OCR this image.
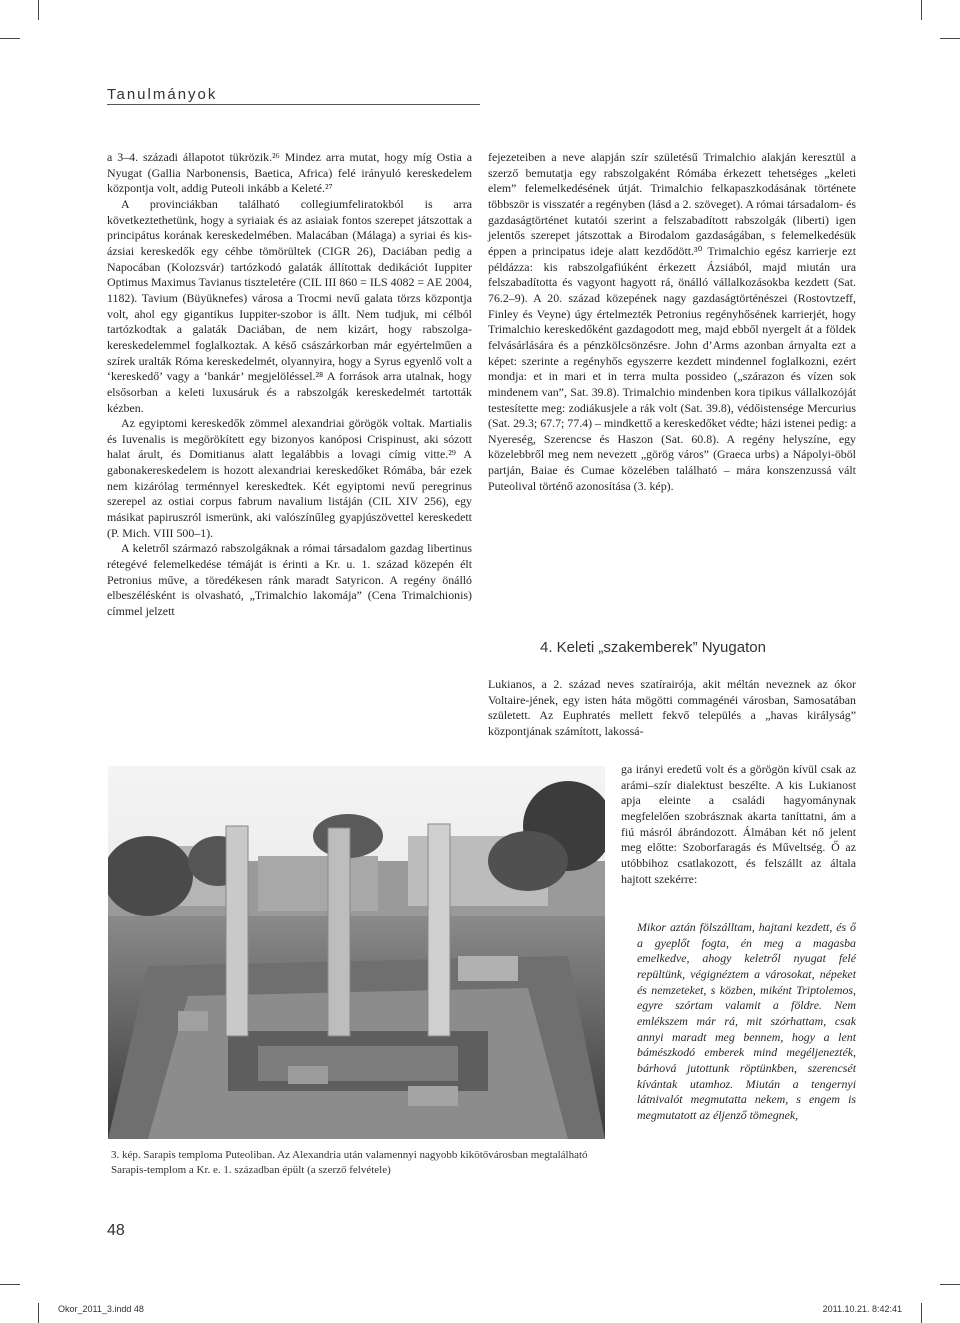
Tanulmányok

a 3–4. századi állapotot tükrözik.²⁶ Mindez arra mutat, hogy míg Ostia a Nyugat (Gallia Narbonensis, Baetica, Africa) felé irányuló kereskedelem központja volt, addig Puteoli inkább a Keleté.²⁷

A provinciákban található collegiumfeliratokból is arra következtethetünk, hogy a syriaiak és az asiaiak fontos szerepet játszottak a principátus korának kereskedelmében. Malacában (Málaga) a syriai és kis-ázsiai kereskedők egy céhbe tömörültek (CIGR 26), Daciában pedig a Napocában (Kolozsvár) tartózkodó galaták állítottak dedikációt Iuppiter Optimus Maximus Tavianus tiszteletére (CIL III 860 = ILS 4082 = AE 2004, 1182). Tavium (Büyüknefes) városa a Trocmi nevű galata törzs központja volt, ahol egy gigantikus Iuppiter-szobor is állt. Nem tudjuk, mi célból tartózkodtak a galaták Daciában, de nem kizárt, hogy rabszolga-kereskedelemmel foglalkoztak. A késő császárkorban már egyértelműen a szírek uralták Róma kereskedelmét, olyannyira, hogy a Syrus egyenlő volt a ‘kereskedő’ vagy a ‘bankár’ megjelöléssel.²⁸ A források arra utalnak, hogy elsősorban a keleti luxusáruk és a rabszolgák kereskedelmét tartották kézben.

Az egyiptomi kereskedők zömmel alexandriai görögök voltak. Martialis és Iuvenalis is megörökített egy bizonyos kanóposi Crispinust, aki sózott halat árult, és Domitianus alatt legalábbis a lovagi címig vitte.²⁹ A gabonakereskedelem is hozott alexandriai kereskedőket Rómába, bár ezek nem kizárólag terménnyel kereskedtek. Két egyiptomi nevű peregrinus szerepel az ostiai corpus fabrum navalium listáján (CIL XIV 256), egy másikat papiruszról ismerünk, aki valószínűleg gyapjúszövettel kereskedett (P. Mich. VIII 500–1).

A keletről származó rabszolgáknak a római társadalom gazdag libertinus rétegévé felemelkedése témáját is érinti a Kr. u. 1. század közepén élt Petronius műve, a töredékesen ránk maradt Satyricon. A regény önálló elbeszélésként is olvasható, „Trimalchio lakomája” (Cena Trimalchionis) címmel jelzett

fejezeteiben a neve alapján szír születésű Trimalchio alakján keresztül a szerző bemutatja egy rabszolgaként Rómába érkezett tehetséges „keleti elem” felemelkedésének útját. Trimalchio felkapaszkodásának története többször is visszatér a regényben (lásd a 2. szöveget). A római társadalom- és gazdaságtörténet kutatói szerint a felszabadított rabszolgák (liberti) igen jelentős szerepet játszottak a Birodalom gazdaságában, s felemelkedésük éppen a principatus ideje alatt kezdődött.³⁰ Trimalchio egész karrierje ezt példázza: kis rabszolgafiúként érkezett Ázsiából, majd miután ura felszabadította és vagyont hagyott rá, önálló vállalkozásokba kezdett (Sat. 76.2–9). A 20. század közepének nagy gazdaságtörténészei (Rostovtzeff, Finley és Veyne) úgy értelmezték Petronius regényhősének karrierjét, hogy Trimalchio kereskedőként gazdagodott meg, majd ebből nyergelt át a földek felvásárlására és a pénzkölcsönzésre. John d’Arms azonban árnyalta ezt a képet: szerinte a regényhős egyszerre kezdett mindennel foglalkozni, ezért mondja: et in mari et in terra multa possideo („szárazon és vízen sok mindenem van”, Sat. 39.8). Trimalchio mindenben kora tipikus vállalkozóját testesítette meg: zodiákusjele a rák volt (Sat. 39.8), védőistensége Mercurius (Sat. 29.3; 67.7; 77.4) – mindkettő a kereskedőket védte; házi istenei pedig: a Nyereség, Szerencse és Haszon (Sat. 60.8). A regény helyszíne, egy közelebbről meg nem nevezett „görög város” (Graeca urbs) a Nápolyi-öböl partján, Baiae és Cumae közelében található – mára konszenzussá vált Puteolival történő azonosítása (3. kép).

4. Keleti „szakemberek” Nyugaton

Lukianos, a 2. század neves szatírairója, akit méltán neveznek az ókor Voltaire-jének, egy isten háta mögötti commagénéi városban, Samosatában született. Az Euphratés mellett fekvő település a „havas királyság” központjának számított, lakossá-

ga irányi eredetű volt és a görögön kívül csak az arámi–szír dialektust beszélte. A kis Lukianost apja eleinte a családi hagyománynak megfelelően szobrásznak akarta taníttatni, ám a fiú másról ábrándozott. Álmában két nő jelent meg előtte: Szoborfaragás és Műveltség. Ő az utóbbihoz csatlakozott, és felszállt az általa hajtott szekérre:

Mikor aztán fölszálltam, hajtani kezdett, és ő a gyeplőt fogta, én meg a magasba emelkedve, ahogy keletről nyugat felé repültünk, végignéztem a városokat, népeket és nemzeteket, s közben, miként Triptolemos, egyre szórtam valamit a földre. Nem emlékszem már rá, mit szórhattam, csak annyi maradt meg bennem, hogy a lent bámészkodó emberek mind megéljenezték, bárhová jutottunk röptünkben, szerencsét kívántak utamhoz. Miután a tengernyi látnivalót megmutatta nekem, s engem is megmutatott az éljenző tömegnek,

3. kép. Sarapis temploma Puteoliban. Az Alexandria után valamennyi nagyobb kikötővárosban megtalálható Sarapis-templom a Kr. e. 1. században épült (a szerző felvétele)
48
Okor_2011_3.indd 48	2011.10.21. 8:42:41
